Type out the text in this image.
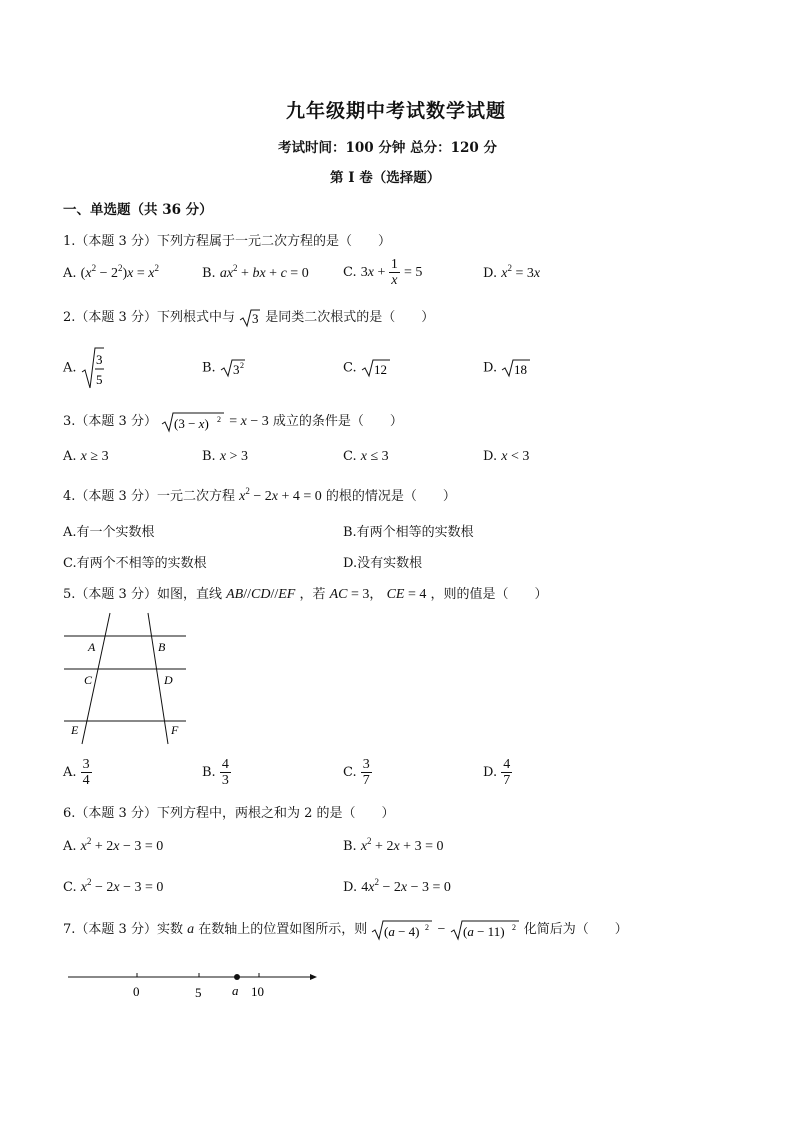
九年级期中考试数学试题
考试时间：100 分钟 总分：120 分
第 I 卷（选择题）
一、单选题（共 36 分）
1.（本题 3 分）下列方程属于一元二次方程的是（　　）
A. $(x^2 - 2^2)x = x^2$	B. $ax^2$ + bx + c = 0	C. $3x + \frac{1}{x} = 5$	D. $x^2 = 3x$
2.（本题 3 分）下列根式中与 3 是同类二次根式的是（　　）
A.
3
5
B. 3 2	C. 12	D. 18
3.（本题 3 分） (3 − x) 2 = x − 3 成立的条件是（　　）
A. x ≥ 3	B. x > 3	C. x ≤ 3	D. x < 3
4.（本题 3 分）一元二次方程 $x^2 - 2x + 4 = 0$ 的根的情况是（　　）
A.有一个实数根	B.有两个相等的实数根
C.有两个不相等的实数根	D.没有实数根
5.（本题 3 分）如图，直线 AB//CD//EF ，若 AC = 3， CE = 4 ，则的值是（　　）
A	B
C	D
E	F
A. $\frac{3}{4}$	B. $\frac{4}{3}$	C. $\frac{3}{7}$	D. $\frac{4}{7}$
6.（本题 3 分）下列方程中，两根之和为 2 的是（　　）
A. $x^2 + 2x - 3 = 0$	B. $x^2 + 2x + 3 = 0$
C. $x^2 - 2x - 3 = 0$	D. $4x^2 - 2x - 3 = 0$
7.（本题 3 分）实数 a 在数轴上的位置如图所示，则 (a − 4) 2 − (a − 11) 2 化简后为（　　）
0	5 a 10
